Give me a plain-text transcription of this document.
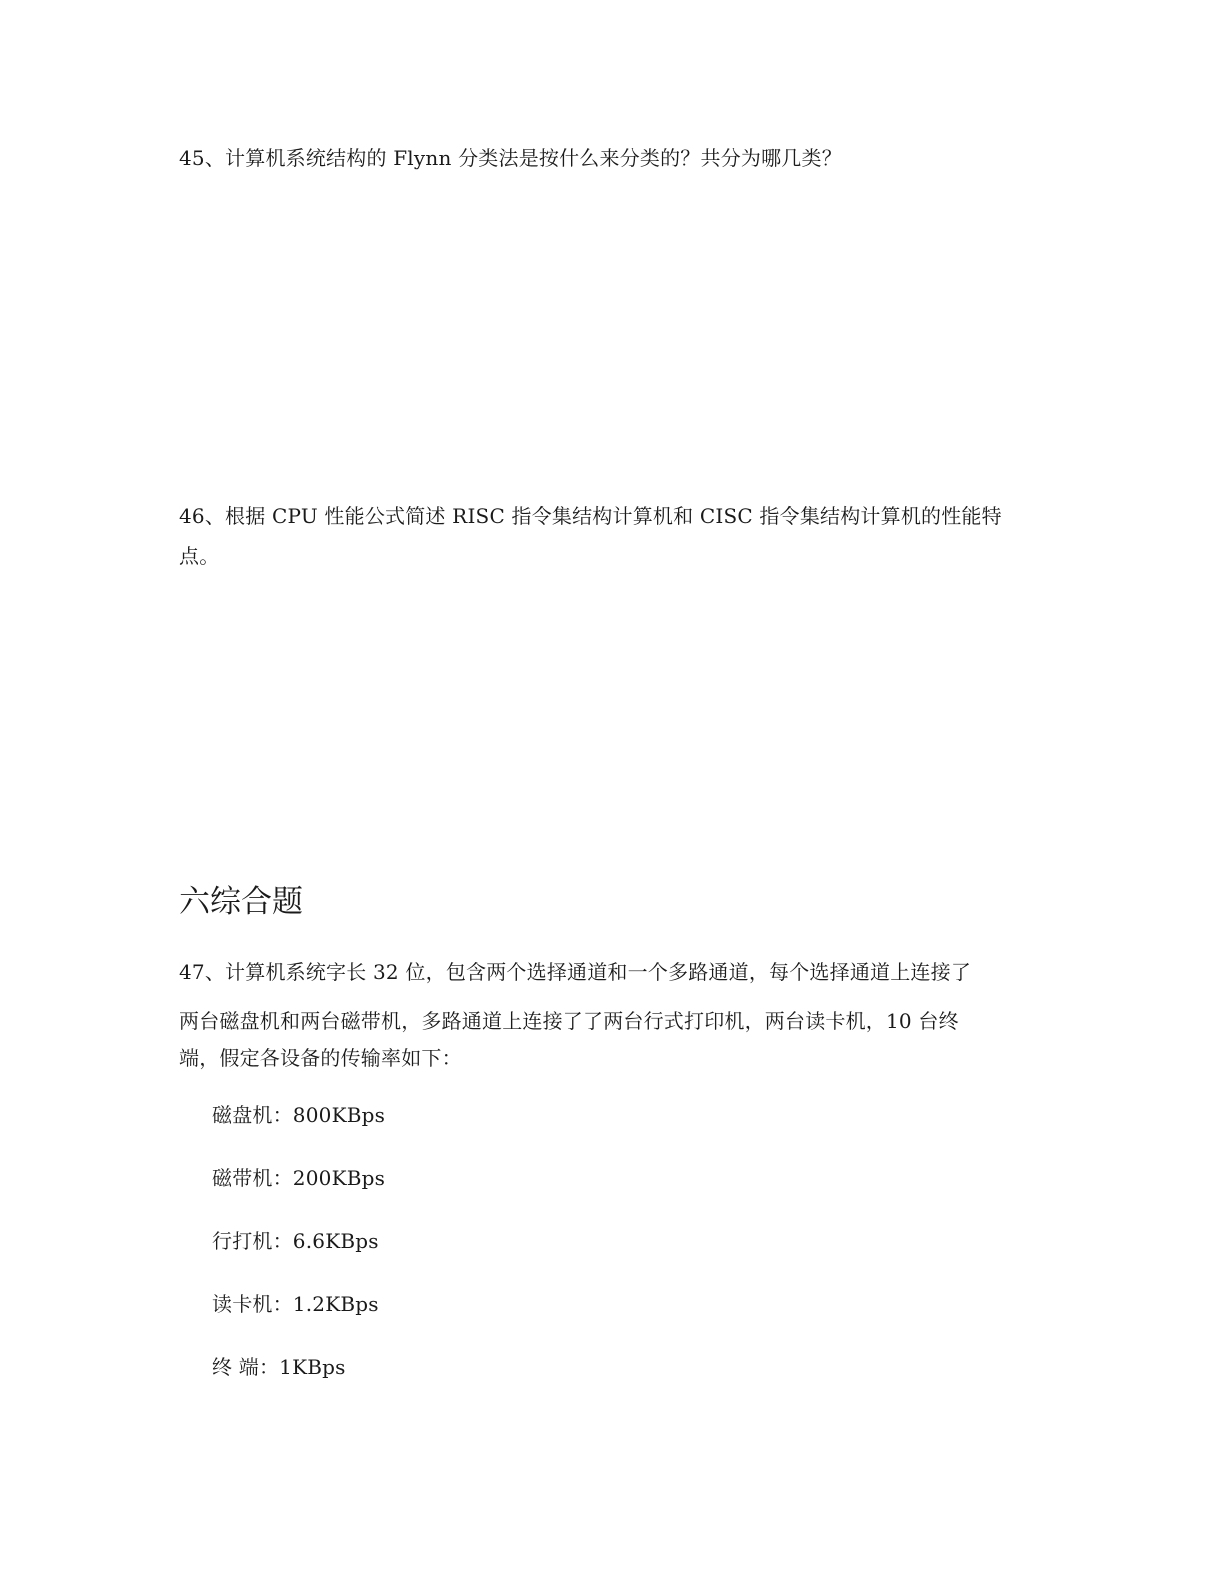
45、计算机系统结构的 Flynn 分类法是按什么来分类的？共分为哪几类？
46、根据 CPU 性能公式简述 RISC 指令集结构计算机和 CISC 指令集结构计算机的性能特
点。
六综合题
47、计算机系统字长 32 位，包含两个选择通道和一个多路通道，每个选择通道上连接了
两台磁盘机和两台磁带机，多路通道上连接了了两台行式打印机，两台读卡机，10 台终
端，假定各设备的传输率如下：
磁盘机：800KBps
磁带机：200KBps
行打机：6.6KBps
读卡机：1.2KBps
终 端：1KBps
